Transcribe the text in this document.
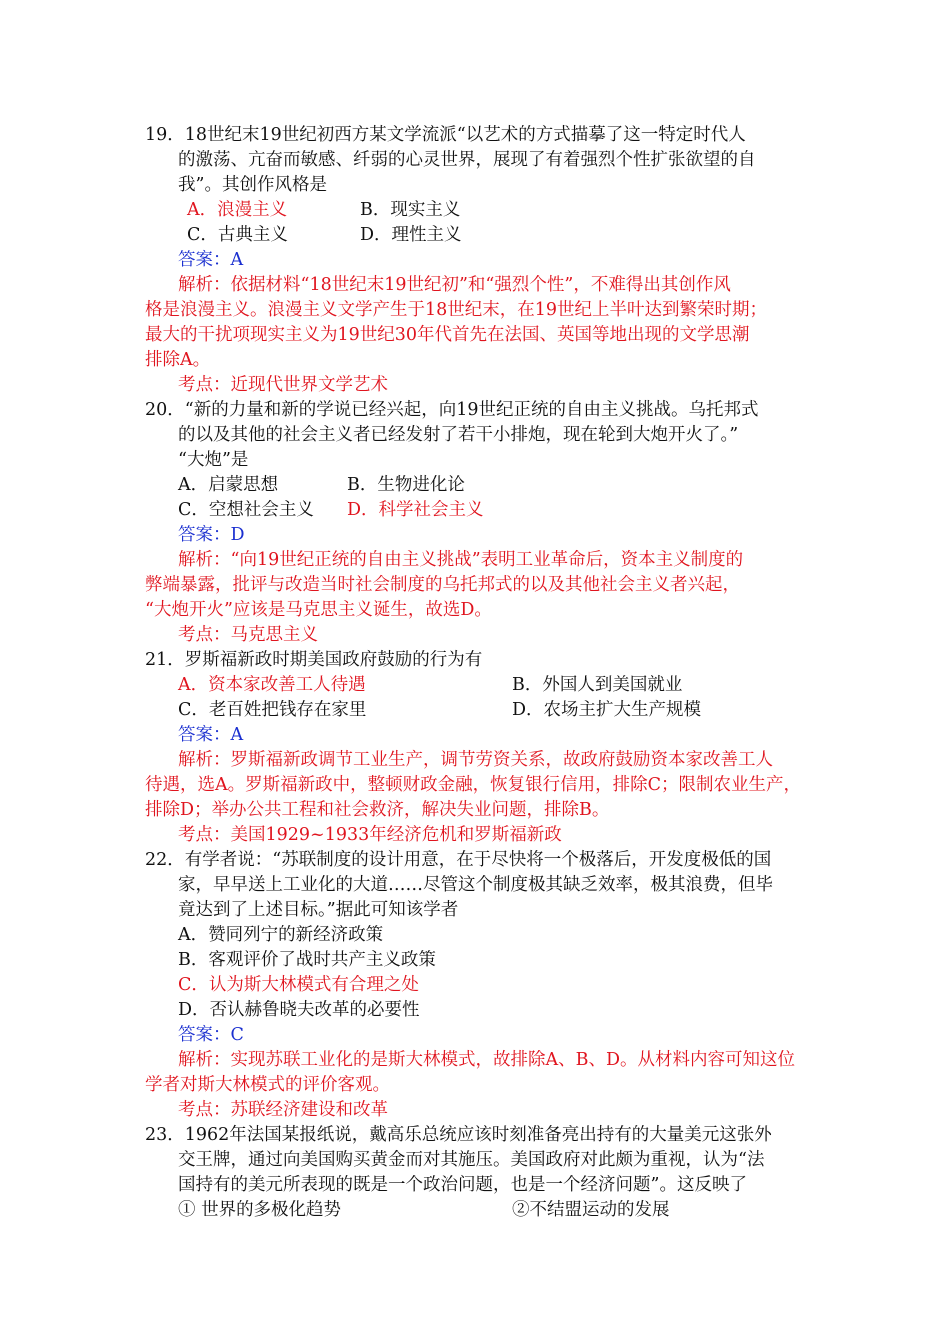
19．18世纪末19世纪初西方某文学流派“以艺术的方式描摹了这一特定时代人
的激荡、亢奋而敏感、纤弱的心灵世界，展现了有着强烈个性扩张欲望的自
我”。其创作风格是
A．浪漫主义	B．现实主义
C．古典主义	D．理性主义
答案：A
解析：依据材料“18世纪末19世纪初”和“强烈个性”，不难得出其创作风
格是浪漫主义。浪漫主义文学产生于18世纪末，在19世纪上半叶达到繁荣时期；
最大的干扰项现实主义为19世纪30年代首先在法国、英国等地出现的文学思潮
排除A。
考点：近现代世界文学艺术
20．“新的力量和新的学说已经兴起，向19世纪正统的自由主义挑战。乌托邦式
的以及其他的社会主义者已经发射了若干小排炮，现在轮到大炮开火了。”
“大炮”是
A．启蒙思想	B．生物进化论
C．空想社会主义 D．科学社会主义
答案：D
解析：“向19世纪正统的自由主义挑战”表明工业革命后，资本主义制度的
弊端暴露，批评与改造当时社会制度的乌托邦式的以及其他社会主义者兴起，
“大炮开火”应该是马克思主义诞生，故选D。
考点：马克思主义
21．罗斯福新政时期美国政府鼓励的行为有
A．资本家改善工人待遇	B．外国人到美国就业
C．老百姓把钱存在家里	D．农场主扩大生产规模
答案：A
解析：罗斯福新政调节工业生产，调节劳资关系，故政府鼓励资本家改善工人
待遇，选A。罗斯福新政中，整顿财政金融，恢复银行信用，排除C；限制农业生产，
排除D；举办公共工程和社会救济，解决失业问题，排除B。
考点：美国1929~1933年经济危机和罗斯福新政
22．有学者说：“苏联制度的设计用意，在于尽快将一个极落后，开发度极低的国
家，早早送上工业化的大道……尽管这个制度极其缺乏效率，极其浪费，但毕
竟达到了上述目标。”据此可知该学者
A．赞同列宁的新经济政策
B．客观评价了战时共产主义政策
C．认为斯大林模式有合理之处
D．否认赫鲁晓夫改革的必要性
答案：C
解析：实现苏联工业化的是斯大林模式，故排除A、B、D。从材料内容可知这位
学者对斯大林模式的评价客观。
考点：苏联经济建设和改革
23．1962年法国某报纸说，戴高乐总统应该时刻准备亮出持有的大量美元这张外
交王牌，通过向美国购买黄金而对其施压。美国政府对此颇为重视，认为“法
国持有的美元所表现的既是一个政治问题，也是一个经济问题”。这反映了
① 世界的多极化趋势	②不结盟运动的发展
